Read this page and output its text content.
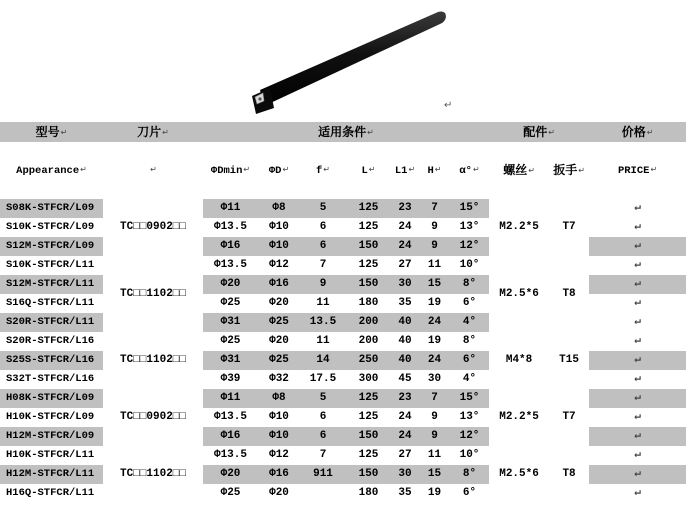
↵
型号↵	刀片↵	适用条件↵							配件↵		价格↵
Appearance↵	↵	ΦDmin↵	ΦD↵	f↵	L↵	L1↵	H↵	α°↵	螺丝↵	扳手↵	PRICE↵
S08K-STFCR/L09	TC□□0902□□	Φ11	Φ8	5	125	23	7	15°	M2.2*5	T7	↵
S10K-STFCR/L09		Φ13.5	Φ10	6	125	24	9	13°			↵
S12M-STFCR/L09		Φ16	Φ10	6	150	24	9	12°			↵
S10K-STFCR/L11	TC□□1102□□	Φ13.5	Φ12	7	125	27	11	10°	M2.5*6	T8	↵
S12M-STFCR/L11		Φ20	Φ16	9	150	30	15	8°			↵
S16Q-STFCR/L11		Φ25	Φ20	11	180	35	19	6°			↵
S20R-STFCR/L11		Φ31	Φ25	13.5	200	40	24	4°			↵
S20R-STFCR/L16	TC□□1102□□	Φ25	Φ20	11	200	40	19	8°	M4*8	T15	↵
S25S-STFCR/L16		Φ31	Φ25	14	250	40	24	6°			↵
S32T-STFCR/L16		Φ39	Φ32	17.5	300	45	30	4°			↵
H08K-STFCR/L09	TC□□0902□□	Φ11	Φ8	5	125	23	7	15°	M2.2*5	T7	↵
H10K-STFCR/L09		Φ13.5	Φ10	6	125	24	9	13°			↵
H12M-STFCR/L09		Φ16	Φ10	6	150	24	9	12°			↵
H10K-STFCR/L11	TC□□1102□□	Φ13.5	Φ12	7	125	27	11	10°	M2.5*6	T8	↵
H12M-STFCR/L11		Φ20	Φ16	911	150	30	15	8°			↵
H16Q-STFCR/L11		Φ25	Φ20		180	35	19	6°			↵
